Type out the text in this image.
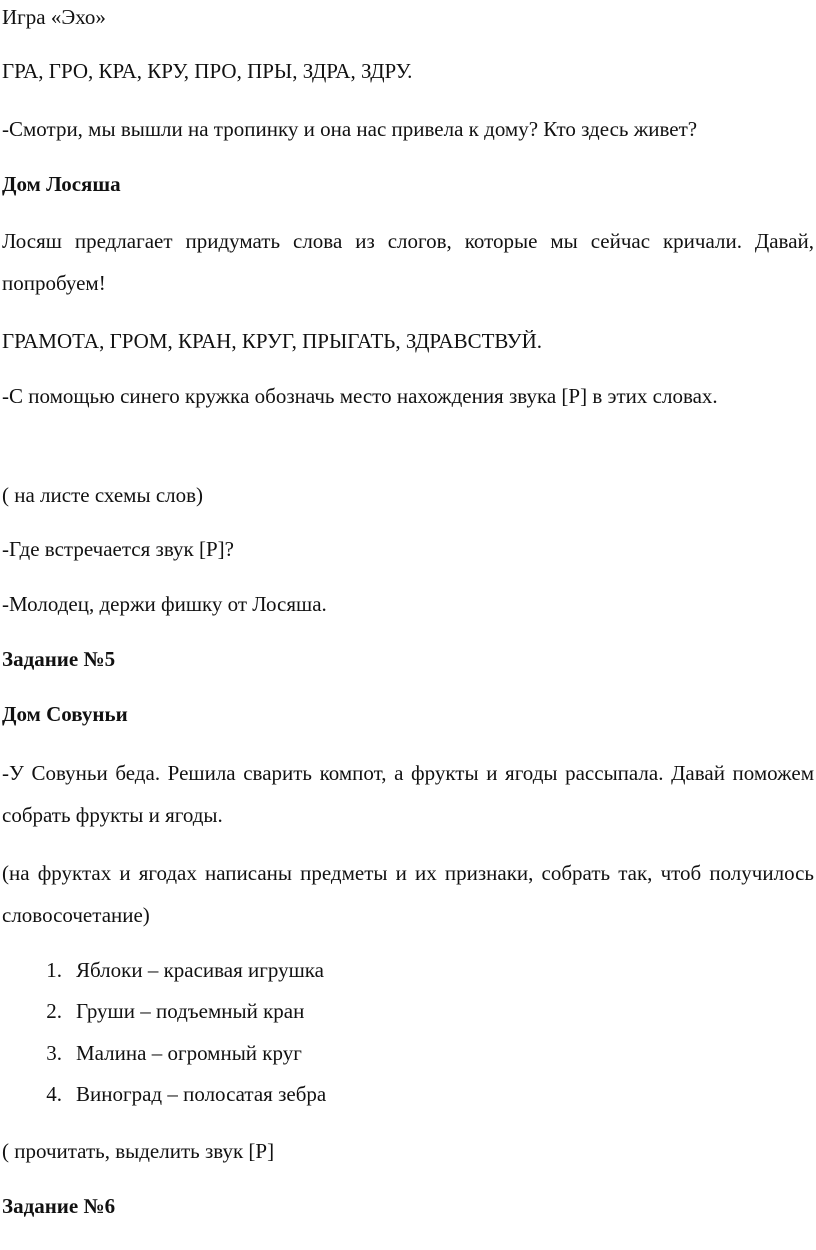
Игра «Эхо»
ГРА, ГРО, КРА, КРУ, ПРО, ПРЫ, ЗДРА, ЗДРУ.
-Смотри, мы вышли на тропинку и она нас привела к дому? Кто здесь живет?
Дом Лосяша
Лосяш предлагает придумать слова из слогов, которые мы сейчас кричали. Давай, попробуем!
ГРАМОТА, ГРОМ, КРАН, КРУГ, ПРЫГАТЬ, ЗДРАВСТВУЙ.
-С помощью синего кружка обозначь место нахождения звука [Р] в этих словах.
( на листе схемы слов)
-Где встречается звук [Р]?
-Молодец, держи фишку от Лосяша.
Задание №5
Дом Совуньи
-У Совуньи беда. Решила сварить компот, а фрукты и ягоды рассыпала. Давай поможем собрать фрукты и ягоды.
(на фруктах и ягодах написаны предметы и их признаки, собрать так, чтоб получилось словосочетание)
1. Яблоки – красивая игрушка
2. Груши – подъемный кран
3. Малина – огромный круг
4. Виноград – полосатая зебра
( прочитать, выделить звук [Р]
Задание №6
